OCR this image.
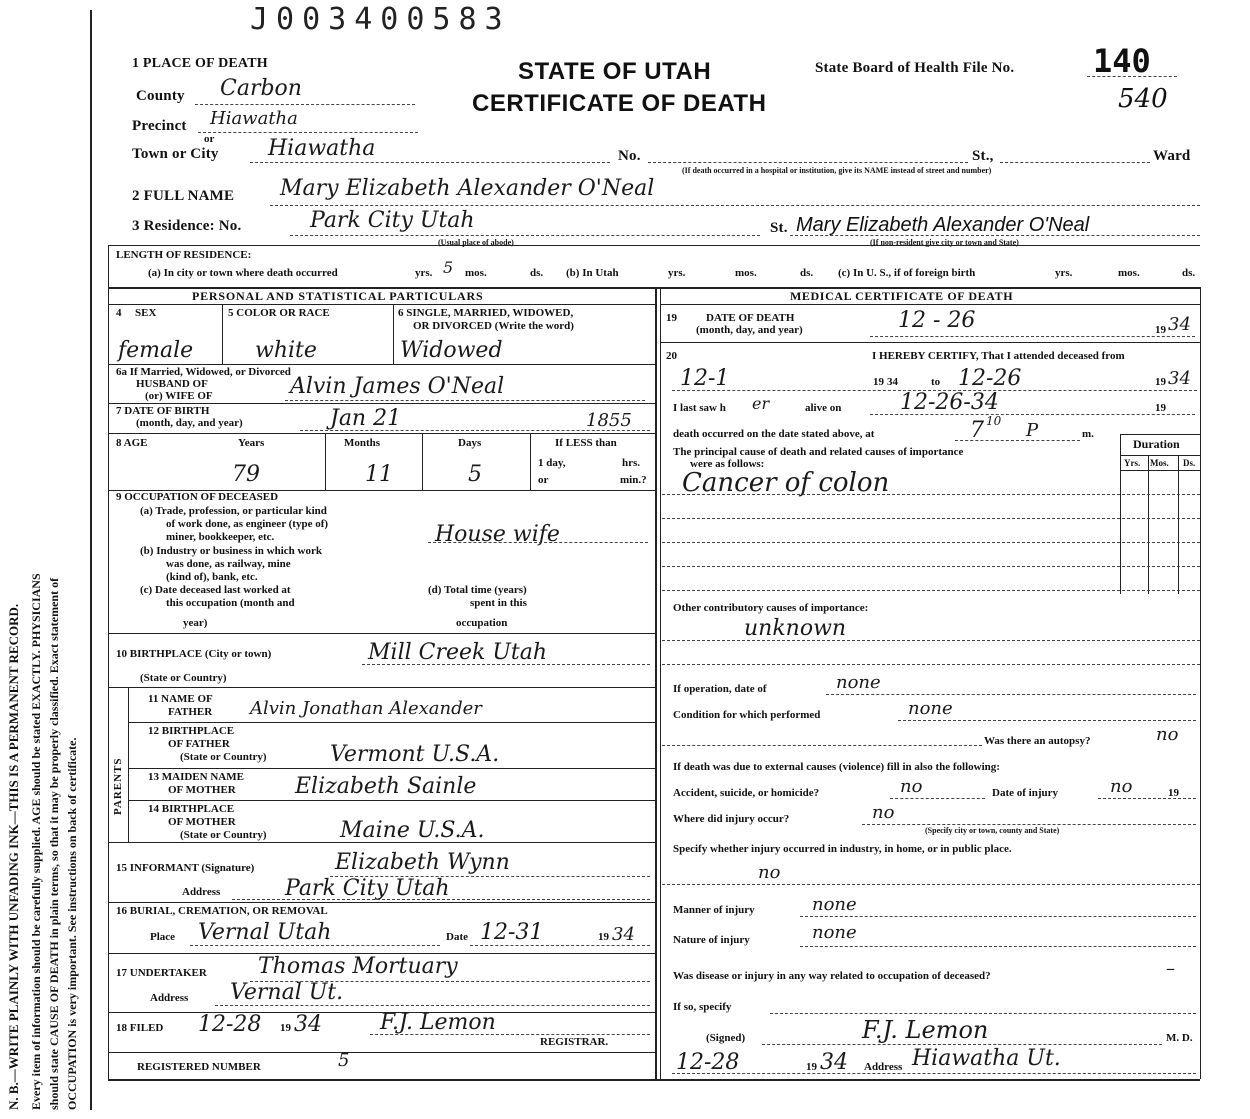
J003400583
N. B.—WRITE PLAINLY WITH UNFADING INK—THIS IS A PERMANENT RECORD. Every item of information should be carefully supplied. AGE should be stated EXACTLY. PHYSICIANS should state CAUSE OF DEATH in plain terms, so that it may be properly classified. Exact statement of OCCUPATION is very important. See instructions on back of certificate.
1 PLACE OF DEATH	STATE OF UTAH
CERTIFICATE OF DEATH
State Board of Health File No. 140
540
County Carbon
Precinct Hiawatha
or
Town or City Hiawatha	No.	St.,	Ward
(If death occurred in a hospital or institution, give its NAME instead of street and number)
2 FULL NAME Mary Elizabeth Alexander O'Neal
3 Residence: No.	Park City Utah
(Usual place of abode)
St. Mary Elizabeth Alexander O'Neal
(If non-resident give city or town and State)
LENGTH OF RESIDENCE:
(a) In city or town where death occurred	yrs. 5 mos.	ds. (b) In Utah	yrs.	mos.	ds. (c) In U. S., if of foreign birth	yrs.	mos.	ds.
PERSONAL AND STATISTICAL PARTICULARS
4 SEX
female
5 COLOR OR RACE
white
6 SINGLE, MARRIED, WIDOWED,
OR DIVORCED (Write the word)
Widowed
6a If Married, Widowed, or Divorced
HUSBAND OF
(or) WIFE OF	Alvin James O'Neal
7 DATE OF BIRTH
(month, day, and year)	Jan 21	1855
8 AGE	Years	Months	Days	If LESS than
1 day,	hrs.
or	min.?
79	11	5
9 OCCUPATION OF DECEASED
(a) Trade, profession, or particular kind
of work done, as engineer (type of)
miner, bookkeeper, etc.	House wife
(b) Industry or business in which work
was done, as railway, mine
(kind of), bank, etc.
(c) Date deceased last worked at
this occupation (month and
year)
(d) Total time (years)
spent in this
occupation
10 BIRTHPLACE (City or town)	Mill Creek Utah
(State or Country)
PARENTS
11 NAME OF
FATHER Alvin Jonathan Alexander
12 BIRTHPLACE
OF FATHER
(State or Country)	Vermont U.S.A.
13 MAIDEN NAME
OF MOTHER	Elizabeth Sainle
14 BIRTHPLACE
OF MOTHER
(State or Country)	Maine U.S.A.
15 INFORMANT (Signature)	Elizabeth Wynn
Address	Park City Utah
16 BURIAL, CREMATION, OR REMOVAL
Place Vernal Utah	Date 12-31	19 34
17 UNDERTAKER Thomas Mortuary
Address Vernal Ut.
18 FILED 12-28 19 34	F.J. Lemon
REGISTRAR.
REGISTERED NUMBER	5
MEDICAL CERTIFICATE OF DEATH
19	DATE OF DEATH
(month, day, and year)	12 - 26	19 34
20	I HEREBY CERTIFY, That I attended deceased from
12-1	19 34	to 12-26	19 34
I last saw h er	alive on	12-26-34	19
death occurred on the date stated above, at	7 10 P	m.
The principal cause of death and related causes of importance
were as follows:
Cancer of colon
Duration
Yrs. Mos. Ds.
Other contributory causes of importance:
unknown
If operation, date of	none
Condition for which performed	none
Was there an autopsy?	no
If death was due to external causes (violence) fill in also the following:
Accident, suicide, or homicide?	no	Date of injury	no	19
Where did injury occur?	no
(Specify city or town, county and State)
Specify whether injury occurred in industry, in home, or in public place.
no
Manner of injury	none
Nature of injury	none
Was disease or injury in any way related to occupation of deceased?	–
If so, specify
(Signed)	F.J. Lemon	M. D.
12-28	19 34 Address Hiawatha Ut.
